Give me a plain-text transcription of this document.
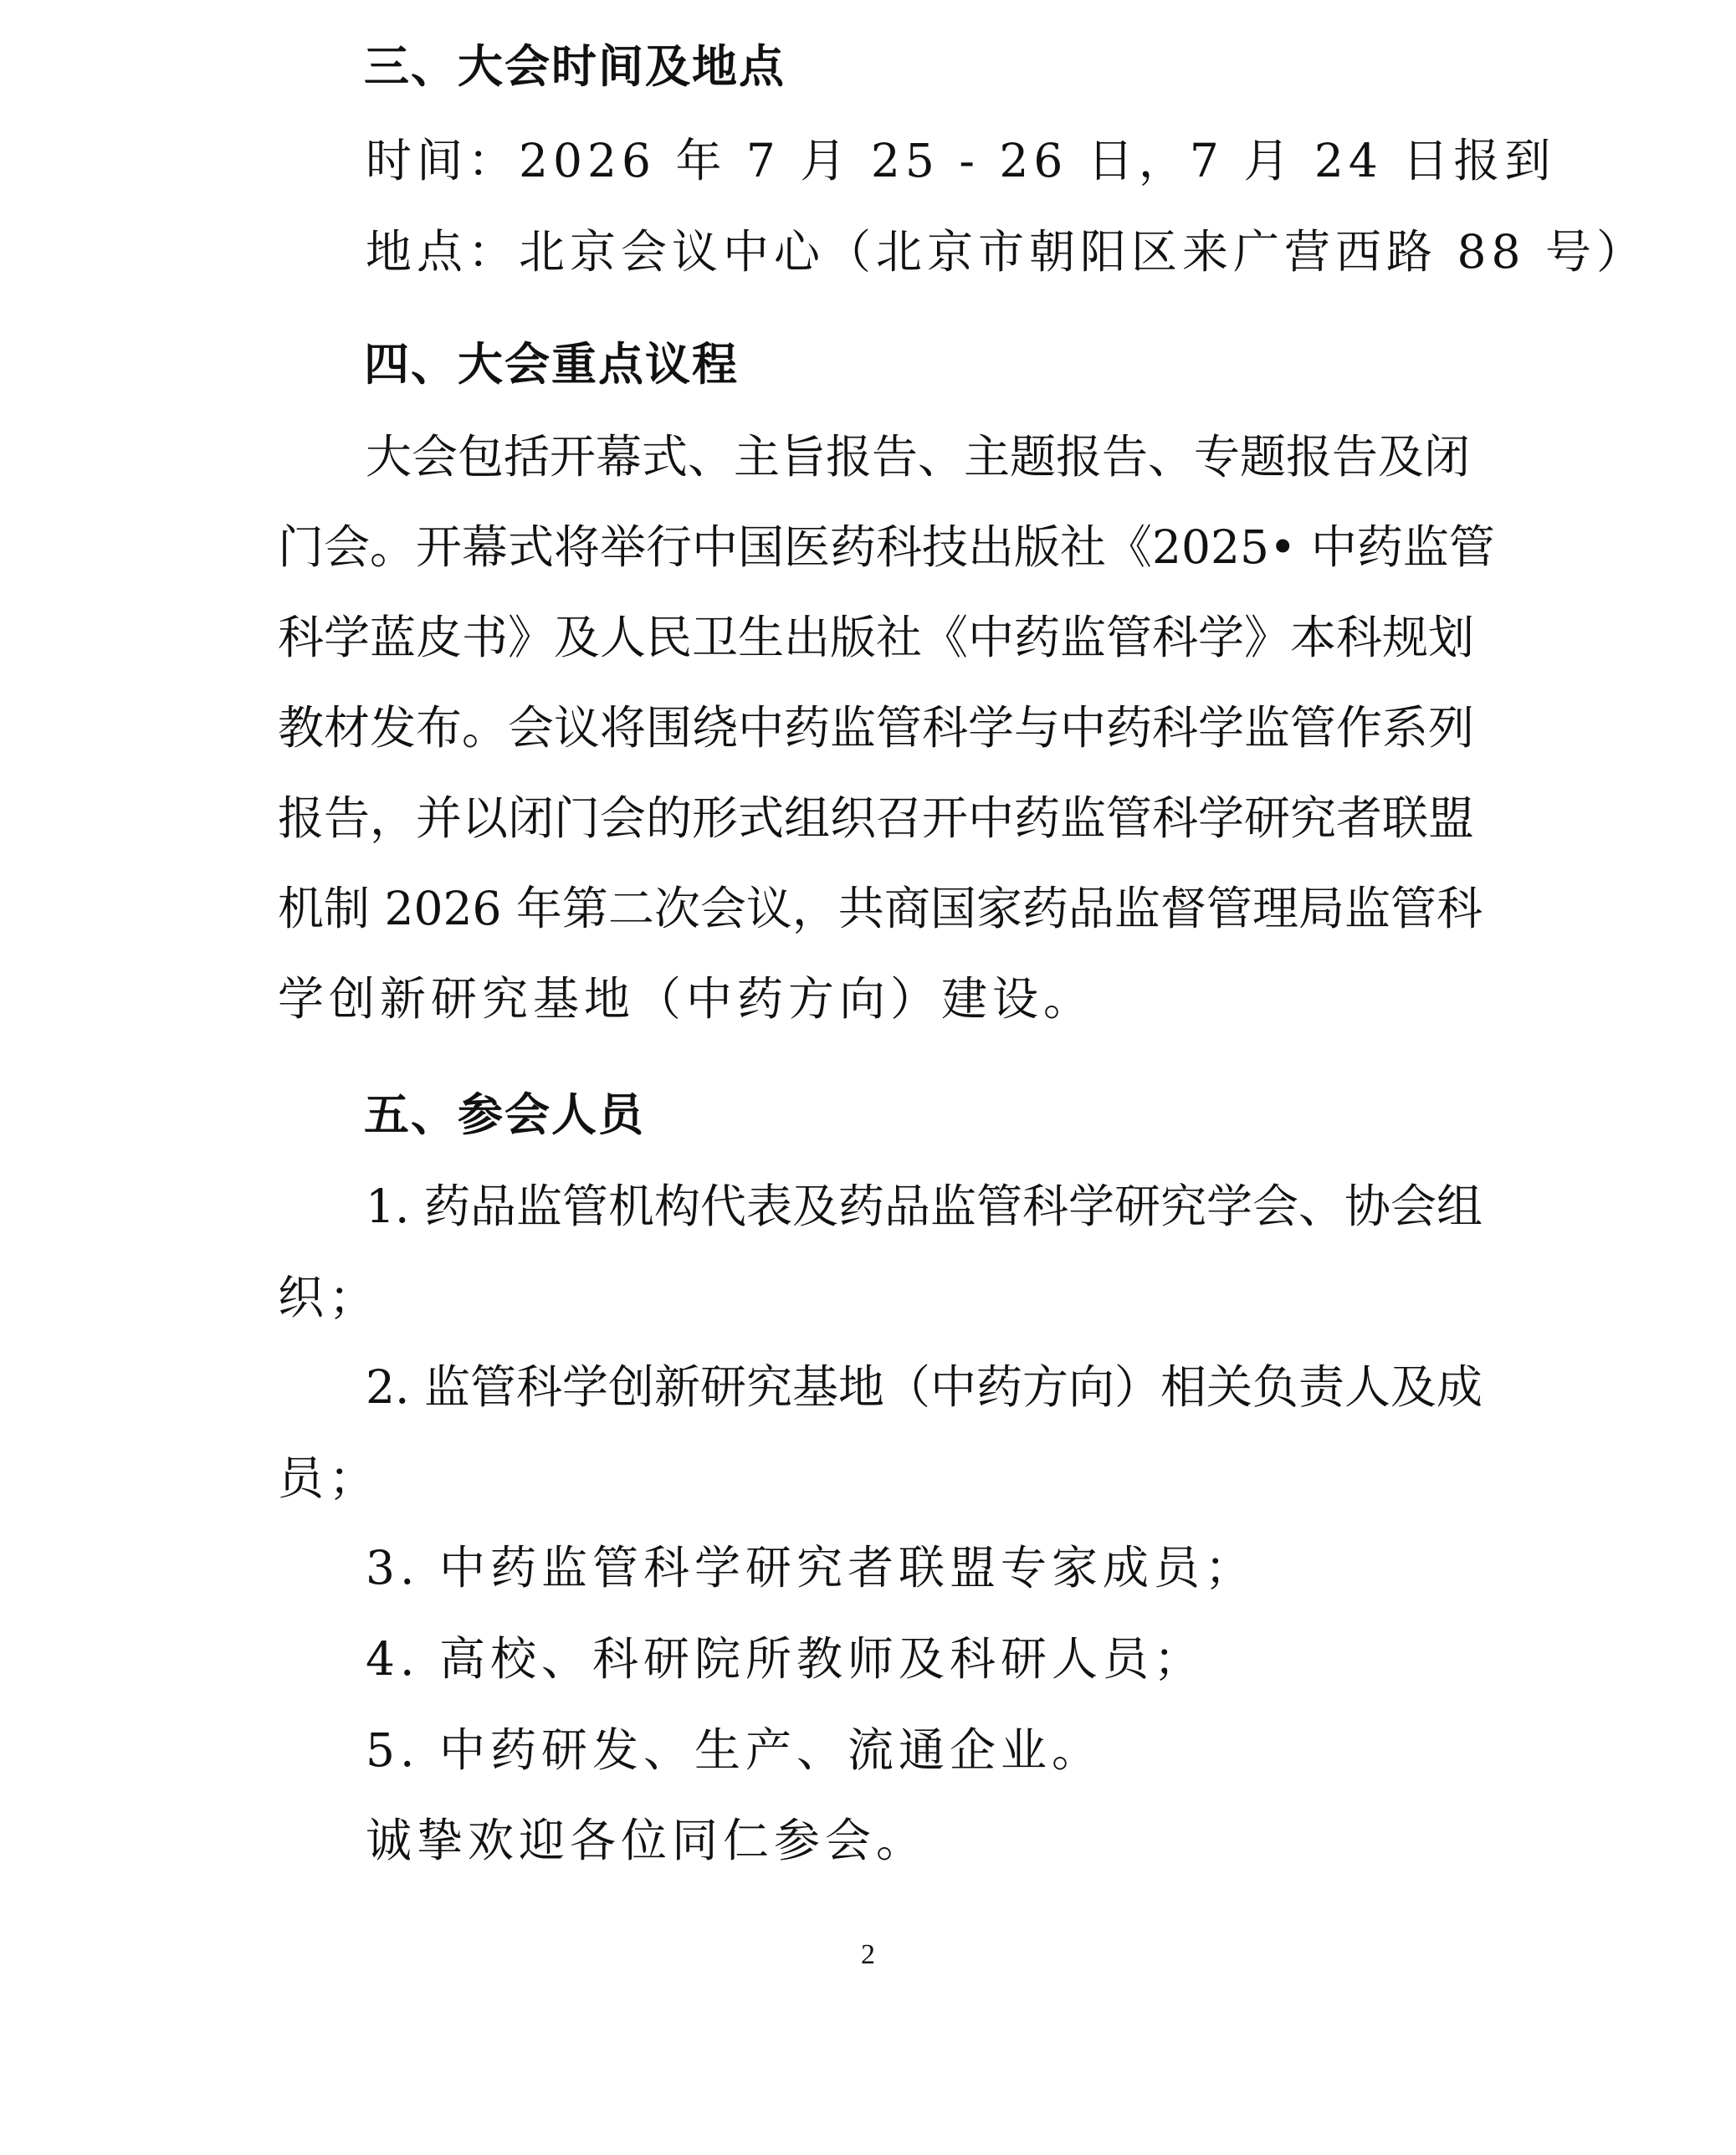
三、大会时间及地点
时间：2026 年 7 月 25 - 26 日，7 月 24 日报到
地点：北京会议中心（北京市朝阳区来广营西路 88 号）
四、大会重点议程
大会包括开幕式、主旨报告、主题报告、专题报告及闭
门会。开幕式将举行中国医药科技出版社《2025• 中药监管
科学蓝皮书》及人民卫生出版社《中药监管科学》本科规划
教材发布。会议将围绕中药监管科学与中药科学监管作系列
报告，并以闭门会的形式组织召开中药监管科学研究者联盟
机制 2026 年第二次会议，共商国家药品监督管理局监管科
学创新研究基地（中药方向）建设。
五、参会人员
1. 药品监管机构代表及药品监管科学研究学会、协会组
织；
2. 监管科学创新研究基地（中药方向）相关负责人及成
员；
3. 中药监管科学研究者联盟专家成员；
4. 高校、科研院所教师及科研人员；
5. 中药研发、生产、流通企业。
诚挚欢迎各位同仁参会。
2
